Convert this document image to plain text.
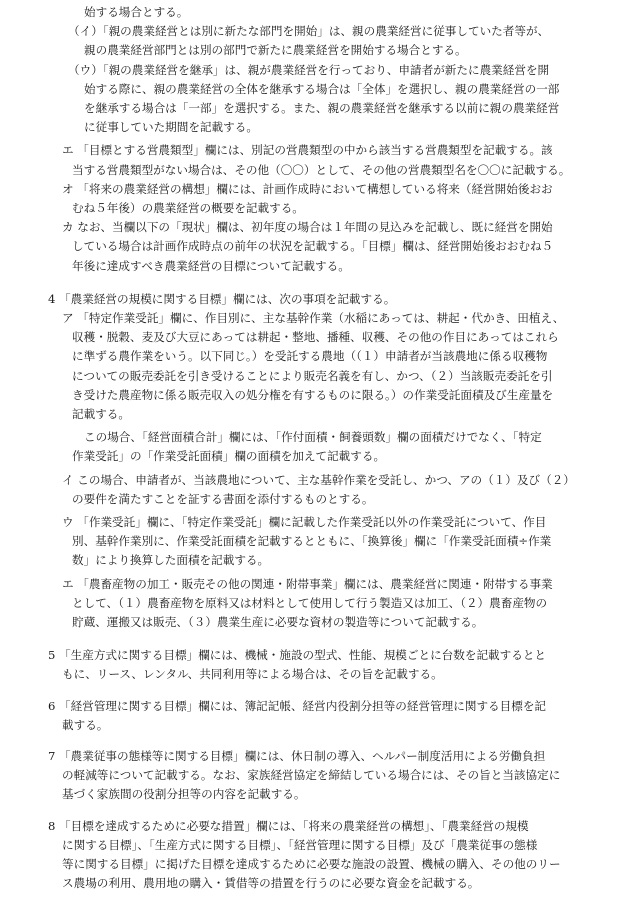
始する場合とする。
（イ）「親の農業経営とは別に新たな部門を開始」は、親の農業経営に従事していた者等が、
親の農業経営部門とは別の部門で新たに農業経営を開始する場合とする。
（ウ）「親の農業経営を継承」は、親が農業経営を行っており、申請者が新たに農業経営を開
始する際に、親の農業経営の全体を継承する場合は「全体」を選択し、親の農業経営の一部
を継承する場合は「一部」を選択する。また、親の農業経営を継承する以前に親の農業経営
に従事していた期間を記載する。
エ 「目標とする営農類型」欄には、別記の営農類型の中から該当する営農類型を記載する。該
当する営農類型がない場合は、その他（〇〇）として、その他の営農類型名を〇〇に記載する。
オ 「将来の農業経営の構想」欄には、計画作成時において構想している将来（経営開始後おお
むね５年後）の農業経営の概要を記載する。
カ なお、当欄以下の「現状」欄は、初年度の場合は１年間の見込みを記載し、既に経営を開始
している場合は計画作成時点の前年の状況を記載する。「目標」欄は、経営開始後おおむね５
年後に達成すべき農業経営の目標について記載する。
4 「農業経営の規模に関する目標」欄には、次の事項を記載する。
ア 「特定作業受託」欄に、作目別に、主な基幹作業（水稲にあっては、耕起・代かき、田植え、
収穫・脱穀、麦及び大豆にあっては耕起・整地、播種、収穫、その他の作目にあってはこれら
に準ずる農作業をいう。以下同じ。）を受託する農地（（１）申請者が当該農地に係る収穫物
についての販売委託を引き受けることにより販売名義を有し、かつ、（２）当該販売委託を引
き受けた農産物に係る販売収入の処分権を有するものに限る。）の作業受託面積及び生産量を
記載する。
この場合、「経営面積合計」欄には、「作付面積・飼養頭数」欄の面積だけでなく、「特定
作業受託」の「作業受託面積」欄の面積を加えて記載する。
イ この場合、申請者が、当該農地について、主な基幹作業を受託し、かつ、アの（１）及び（２）
の要件を満たすことを証する書面を添付するものとする。
ウ 「作業受託」欄に、「特定作業受託」欄に記載した作業受託以外の作業受託について、作目
別、基幹作業別に、作業受託面積を記載するとともに、「換算後」欄に「作業受託面積÷作業
数」により換算した面積を記載する。
エ 「農畜産物の加工・販売その他の関連・附帯事業」欄には、農業経営に関連・附帯する事業
として、（１）農畜産物を原料又は材料として使用して行う製造又は加工、（２）農畜産物の
貯蔵、運搬又は販売、（３）農業生産に必要な資材の製造等について記載する。
5 「生産方式に関する目標」欄には、機械・施設の型式、性能、規模ごとに台数を記載するとと
もに、リース、レンタル、共同利用等による場合は、その旨を記載する。
6 「経営管理に関する目標」欄には、簿記記帳、経営内役割分担等の経営管理に関する目標を記
載する。
7 「農業従事の態様等に関する目標」欄には、休日制の導入、ヘルパー制度活用による労働負担
の軽減等について記載する。なお、家族経営協定を締結している場合には、その旨と当該協定に
基づく家族間の役割分担等の内容を記載する。
8 「目標を達成するために必要な措置」欄には、「将来の農業経営の構想」、「農業経営の規模
に関する目標」、「生産方式に関する目標」、「経営管理に関する目標」及び「農業従事の態様
等に関する目標」に掲げた目標を達成するために必要な施設の設置、機械の購入、その他のリー
ス農場の利用、農用地の購入・賃借等の措置を行うのに必要な資金を記載する。
